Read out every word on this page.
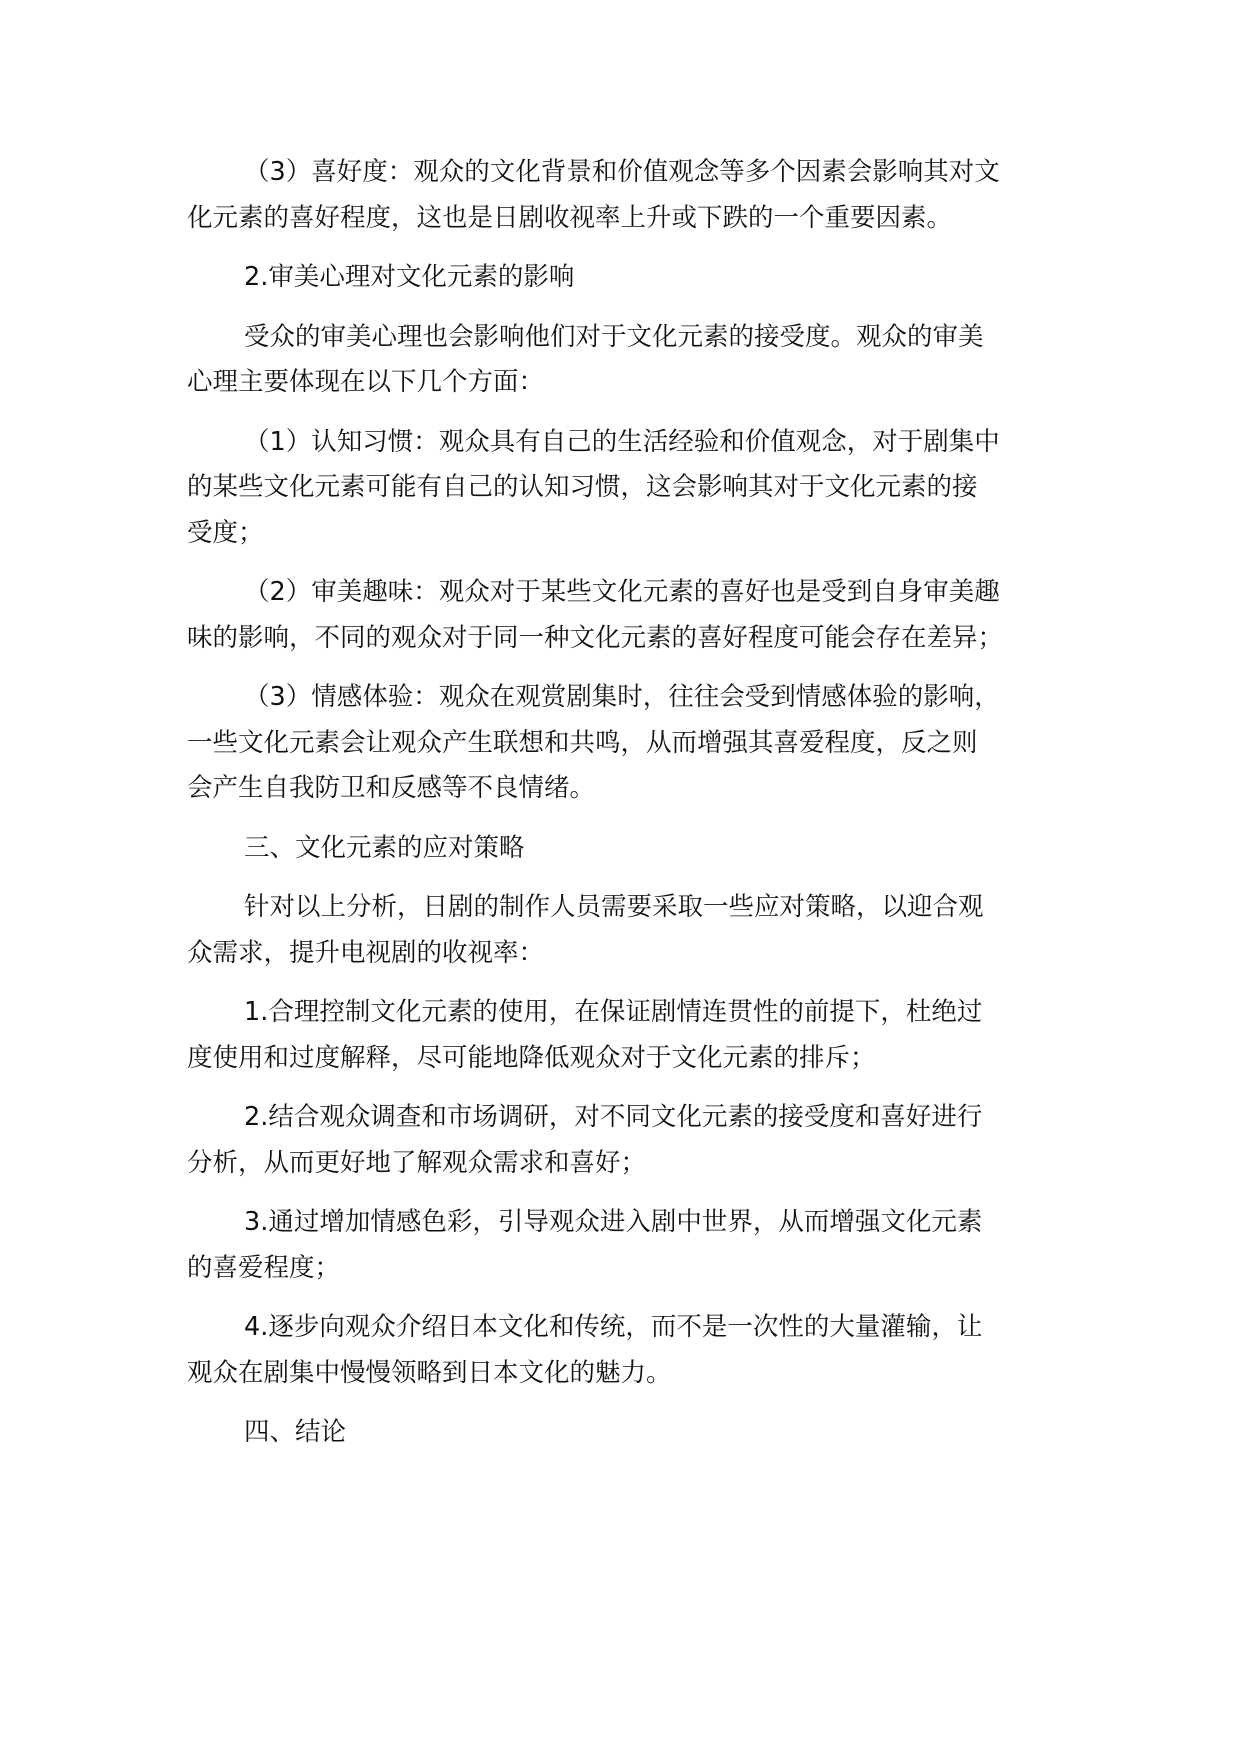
（3）喜好度：观众的文化背景和价值观念等多个因素会影响其对文
化元素的喜好程度，这也是日剧收视率上升或下跌的一个重要因素。

2.审美心理对文化元素的影响

受众的审美心理也会影响他们对于文化元素的接受度。观众的审美
心理主要体现在以下几个方面：

（1）认知习惯：观众具有自己的生活经验和价值观念，对于剧集中
的某些文化元素可能有自己的认知习惯，这会影响其对于文化元素的接
受度；

（2）审美趣味：观众对于某些文化元素的喜好也是受到自身审美趣
味的影响，不同的观众对于同一种文化元素的喜好程度可能会存在差异；

（3）情感体验：观众在观赏剧集时，往往会受到情感体验的影响，
一些文化元素会让观众产生联想和共鸣，从而增强其喜爱程度，反之则
会产生自我防卫和反感等不良情绪。

三、文化元素的应对策略

针对以上分析，日剧的制作人员需要采取一些应对策略，以迎合观
众需求，提升电视剧的收视率：

1.合理控制文化元素的使用，在保证剧情连贯性的前提下，杜绝过
度使用和过度解释，尽可能地降低观众对于文化元素的排斥；

2.结合观众调查和市场调研，对不同文化元素的接受度和喜好进行
分析，从而更好地了解观众需求和喜好；

3.通过增加情感色彩，引导观众进入剧中世界，从而增强文化元素
的喜爱程度；

4.逐步向观众介绍日本文化和传统，而不是一次性的大量灌输，让
观众在剧集中慢慢领略到日本文化的魅力。

四、结论
